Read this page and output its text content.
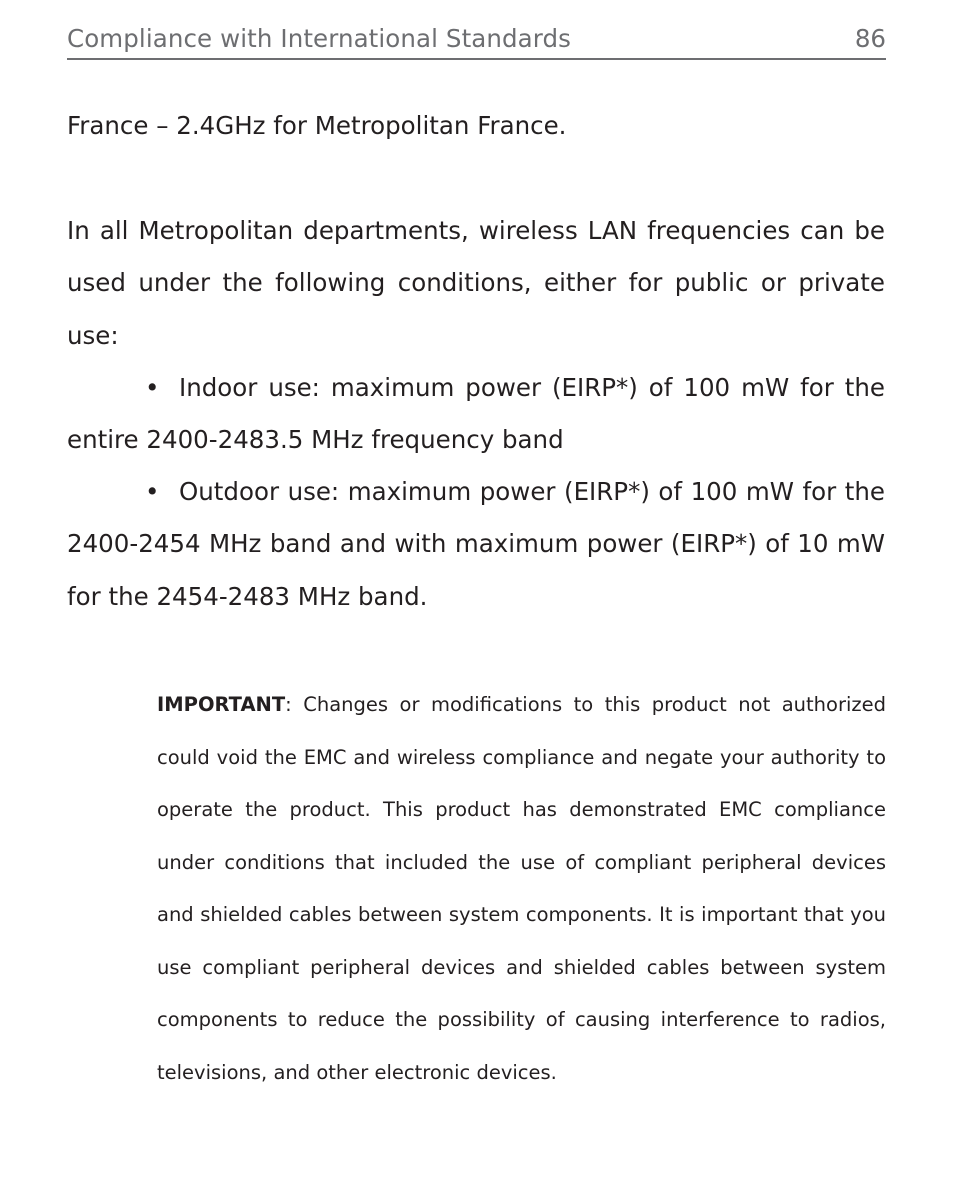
Compliance with International Standards	86

France – 2.4GHz for Metropolitan France.

In all Metropolitan departments, wireless LAN frequencies can be used under the following conditions, either for public or private use:

• Indoor use: maximum power (EIRP*) of 100 mW for the entire 2400-2483.5 MHz frequency band

• Outdoor use: maximum power (EIRP*) of 100 mW for the 2400-2454 MHz band and with maximum power (EIRP*) of 10 mW for the 2454-2483 MHz band.

IMPORTANT: Changes or modifications to this product not authorized could void the EMC and wireless compliance and negate your authority to operate the product. This product has demonstrated EMC compliance under conditions that included the use of compliant peripheral devices and shielded cables between system components. It is important that you use compliant peripheral devices and shielded cables between system components to reduce the possibility of causing interference to radios, televisions, and other electronic devices.
